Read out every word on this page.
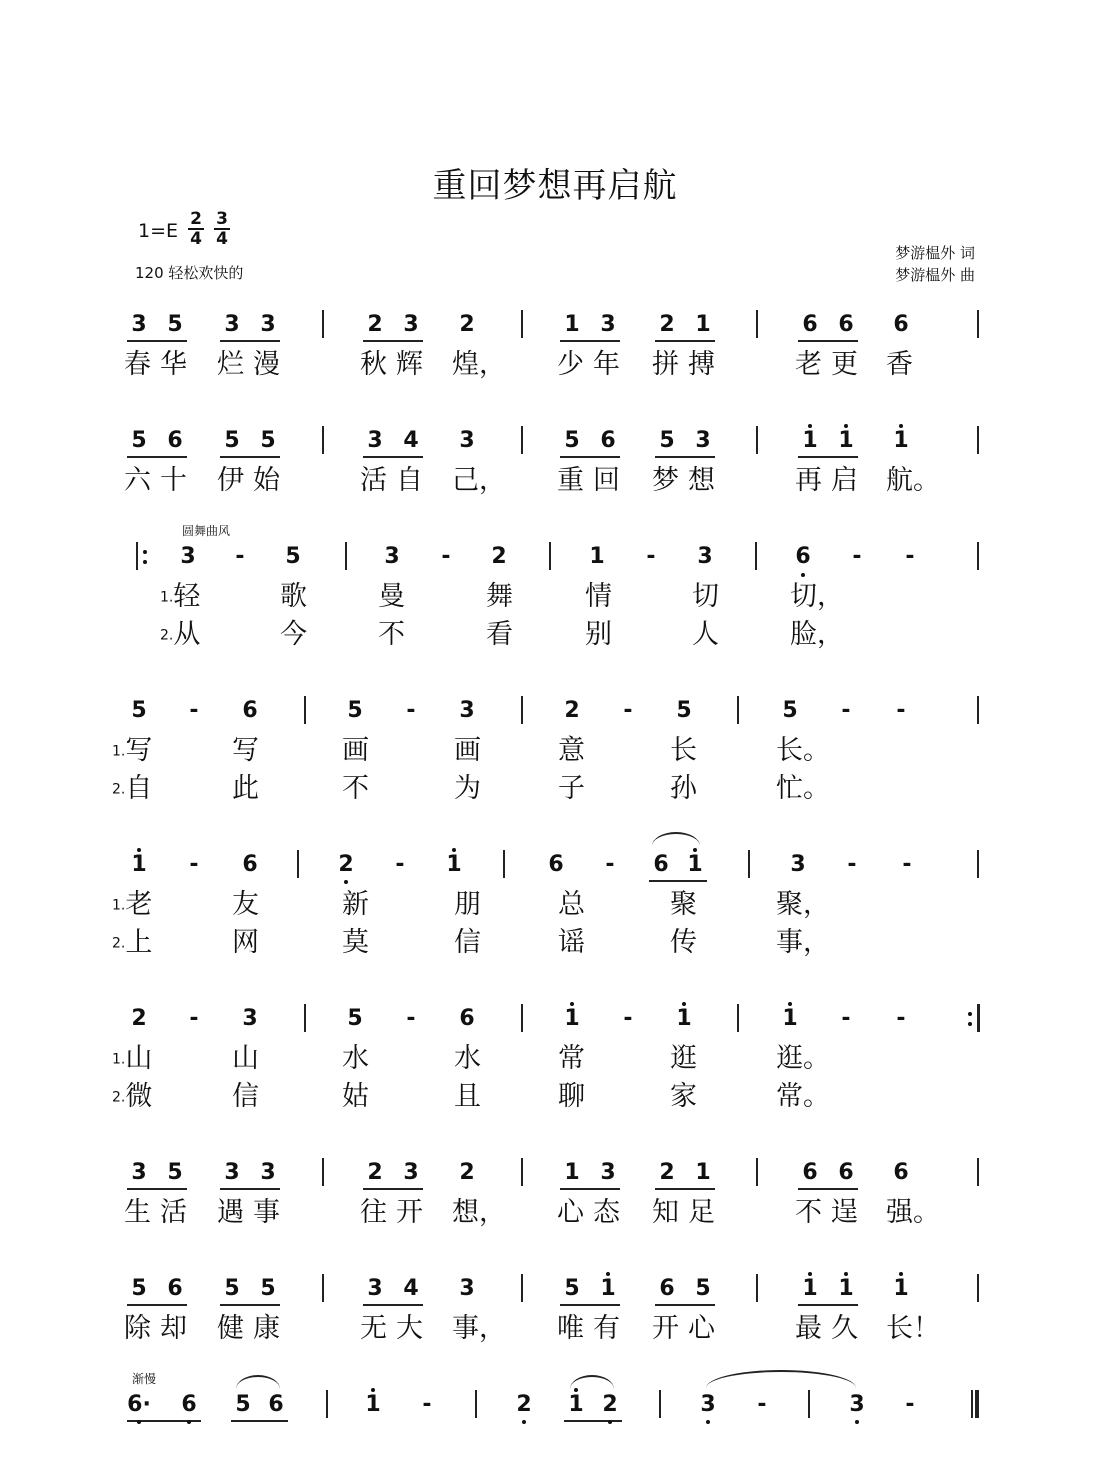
重回梦想再启航
$1=E \frac{2}{4} \frac{3}{4}$
120 轻松欢快的
梦游榅外 词
梦游榅外 曲
圆舞曲风
渐慢
3 5 3 3	2 3 2	1 3 2 1	6 6 6
春 华 烂 漫	秋 辉 煌， 少 年 拼 搏	老 更 香
5 6 5 5	3 4 3	5 6 5 3	1 1 1
六 十 伊 始	活 自 己， 重 回 梦 想	再 启 航。
3 5 3 3	2 3 2	1 3 2 1	6 6 6
生 活 遇 事	往 开 想， 心 态 知 足	不 逞 强。
5 6 5 5	3 4 3	5 1 6 5	1 1 1
除 却 健 康	无 大 事， 唯 有 开 心	最 久 长！
3	-	5	3	-	2	1	-	3	6	-	-
1.轻	歌	曼	舞	情	切	切，
2.从	今	不	看	别	人	脸，
5	-	6	5	-	3	2	-	5	5	-	-
1.写	写	画	画	意	长	长。
2.自	此	不	为	子	孙	忙。
1	-	6	2	-	1	6	-	6 1	3	-	-
1.老	友	新	朋	总	聚	聚，
2.上	网	莫	信	谣	传	事，
2	-	3	5	-	6	1	-	1	1	-	-
1.山	山	水	水	常	逛	逛。
2.微	信	姑	且	聊	家	常。
6· 6 5 6	1	-	2 1 2	3	-	3	-
